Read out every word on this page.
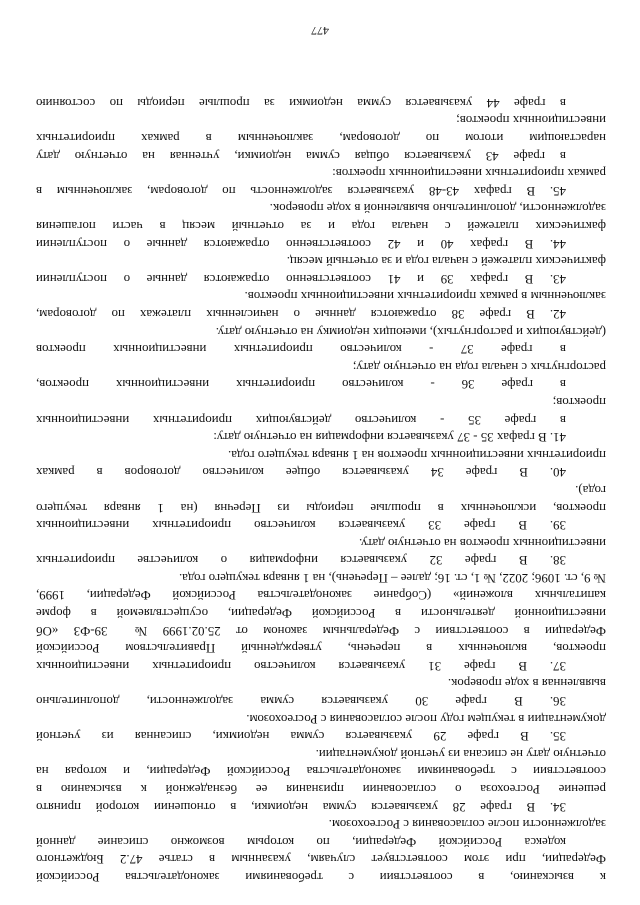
к взысканию, в соответствии с требованиями законодательства Российской
Федерации, при этом соответствует случаям, указанным в статье 47.2 Бюджетного
кодекса Российской Федерации, по которым возможно списание данной
задолженности после согласования с Росгеохозом.
34. В графе 28 указывается сумма недоимки, в отношении которой принято
решение Росгеохоза о согласовании признания ее безнадежной к взысканию в
соответствии с требованиями законодательства Российской Федерации, и которая на
отчетную дату не списана из учетной документации.
35. В графе 29 указывается сумма недоимки, списанная из учетной
документации в текущем году после согласования с Росгеохозом.
36. В графе 30 указывается сумма задолженности, дополнительно
выявленная в ходе проверок.
37. В графе 31 указывается количество приоритетных инвестиционных
проектов, включенных в перечень, утвержденный Правительством Российской
Федерации в соответствии с Федеральным законом от 25.02.1999 № 39-ФЗ «Об
инвестиционной деятельности в Российской Федерации, осуществляемой в форме
капитальных вложений» (Собрание законодательства Российской Федерации, 1999,
№ 9, ст. 1096; 2022, № 1, ст. 16; далее – Перечень), на 1 января текущего года.
38. В графе 32 указывается информация о количестве приоритетных
инвестиционных проектов на отчетную дату.
39. В графе 33 указывается количество приоритетных инвестиционных
проектов, исключенных в прошлые периоды из Перечня (на 1 января текущего
года).
40. В графе 34 указывается общее количество договоров в рамках
приоритетных инвестиционных проектов на 1 января текущего года.
41. В графах 35 - 37 указывается информация на отчетную дату:
в графе 35 - количество действующих приоритетных инвестиционных
проектов;
в графе 36 - количество приоритетных инвестиционных проектов,
расторгнутых с начала года на отчетную дату;
в графе 37 - количество приоритетных инвестиционных проектов
(действующих и расторгнутых), имеющих недоимку на отчетную дату.
42. В графе 38 отражаются данные о начисленных платежах по договорам,
заключенным в рамках приоритетных инвестиционных проектов.
43. В графах 39 и 41 соответственно отражаются данные о поступлении
фактических платежей с начала года и за отчетный месяц.
44. В графах 40 и 42 соответственно отражаются данные о поступлении
фактических платежей с начала года и за отчетный месяц в части погашения
задолженности, дополнительно выявленной в ходе проверок.
45. В графах 43-48 указывается задолженность по договорам, заключенным в
рамках приоритетных инвестиционных проектов:
в графе 43 указывается общая сумма недоимки, учтенная на отчетную дату
нарастающим итогом по договорам, заключенным в рамках приоритетных
инвестиционных проектов;
в графе 44 указывается сумма недоимки за прошлые периоды по состоянию
477
